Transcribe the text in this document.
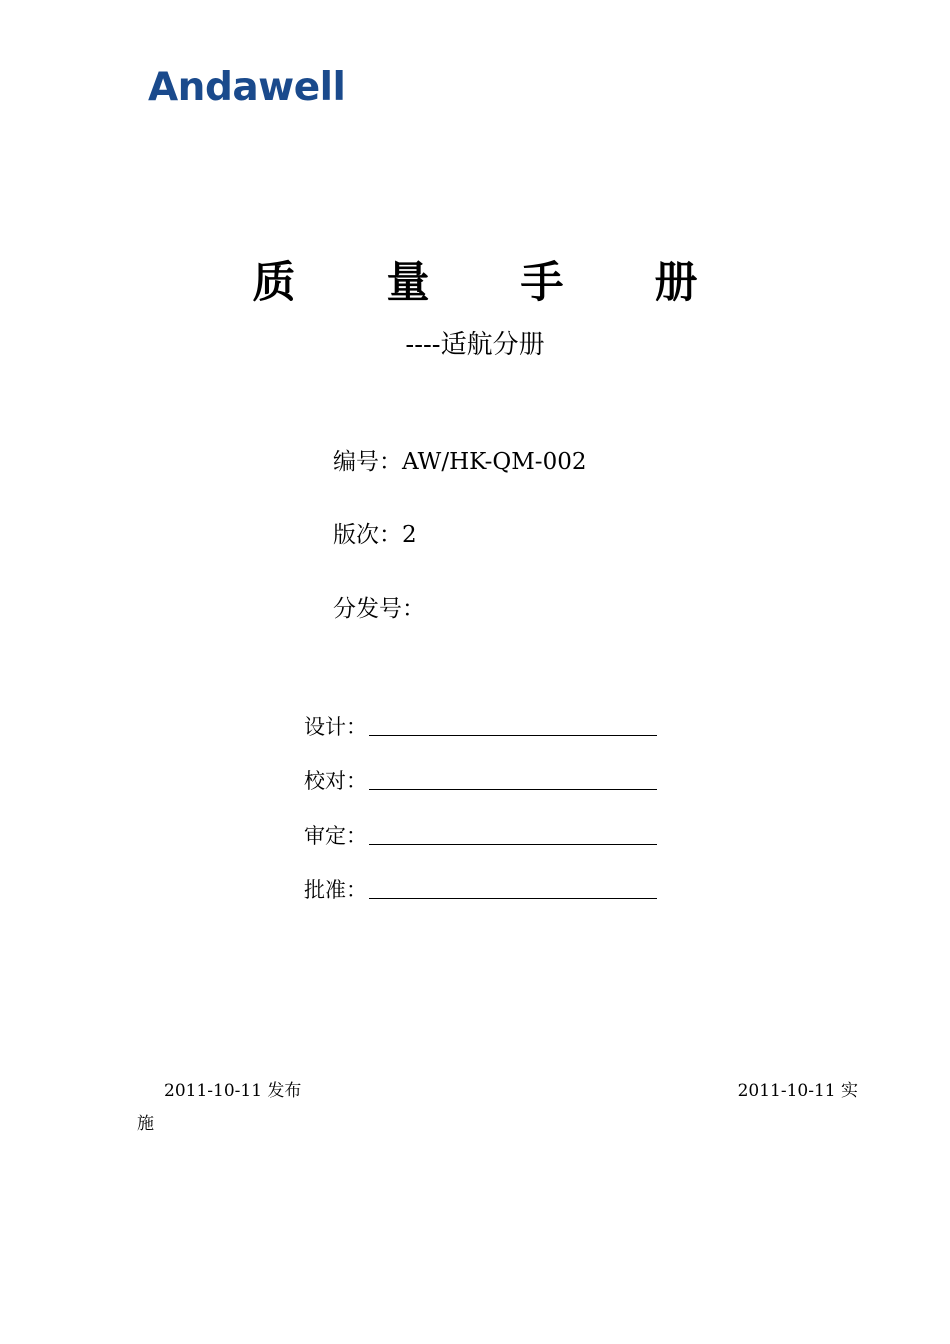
Andawell
质 量 手 册
----适航分册
编号：AW/HK-QM-002
版次：2
分发号：
设计：
校对：
审定：
批准：
2011-10-11 发布	2011-10-11 实
施
